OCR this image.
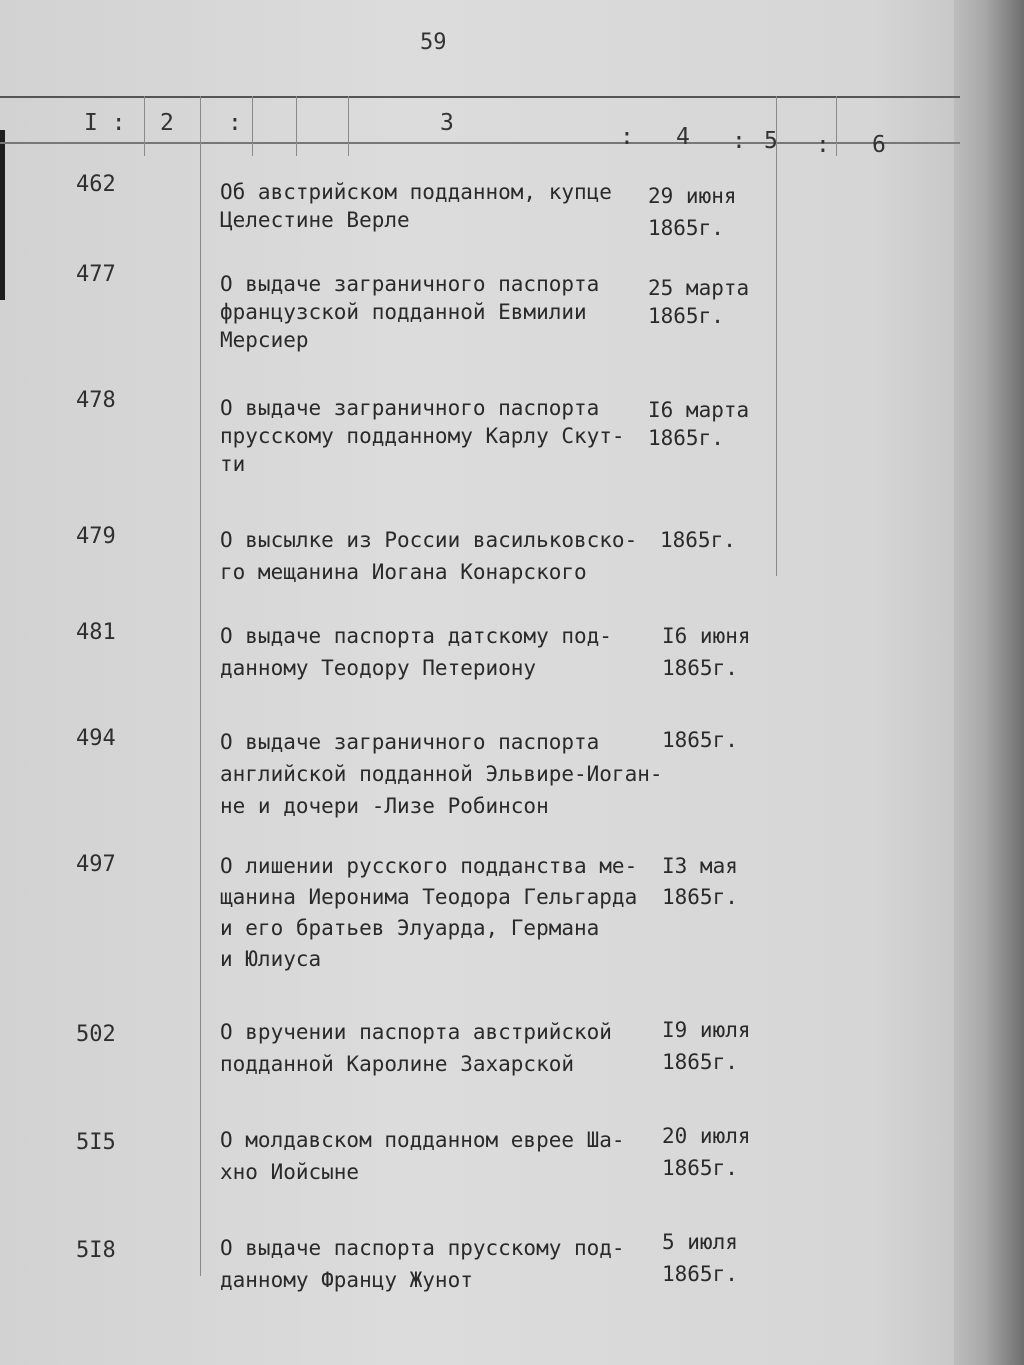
59
I : 2 :	3
: 4 : 5 : 6
⠀
462	Об австрийском подданном, купце
Целестине Верле
29 июня
1865г.
477	О выдаче заграничного паспорта
французской подданной Евмилии
Мерсиер
25 марта
1865г.
478	О выдаче заграничного паспорта
прусскому подданному Карлу Скут-
ти
I6 марта
1865г.
479	О высылке из России васильковско-
го мещанина Иогана Конарского
1865г.
481	О выдаче паспорта датскому под-
данному Теодору Петериону
I6 июня
1865г.
494	О выдаче заграничного паспорта
английской подданной Эльвире-Иоган-
не и дочери -Лизе Робинсон
1865г.
497	О лишении русского подданства ме-
щанина Иеронима Теодора Гельгарда
и его братьев Элуарда, Германа
и Юлиуса
I3 мая
1865г.
502	О вручении паспорта австрийской
подданной Каролине Захарской
I9 июля
1865г.
5I5	О молдавском подданном еврее Ша-
хно Иойсыне
20 июля
1865г.
5I8	О выдаче паспорта прусскому под-
данному Францу Жунот
5 июля
1865г.
